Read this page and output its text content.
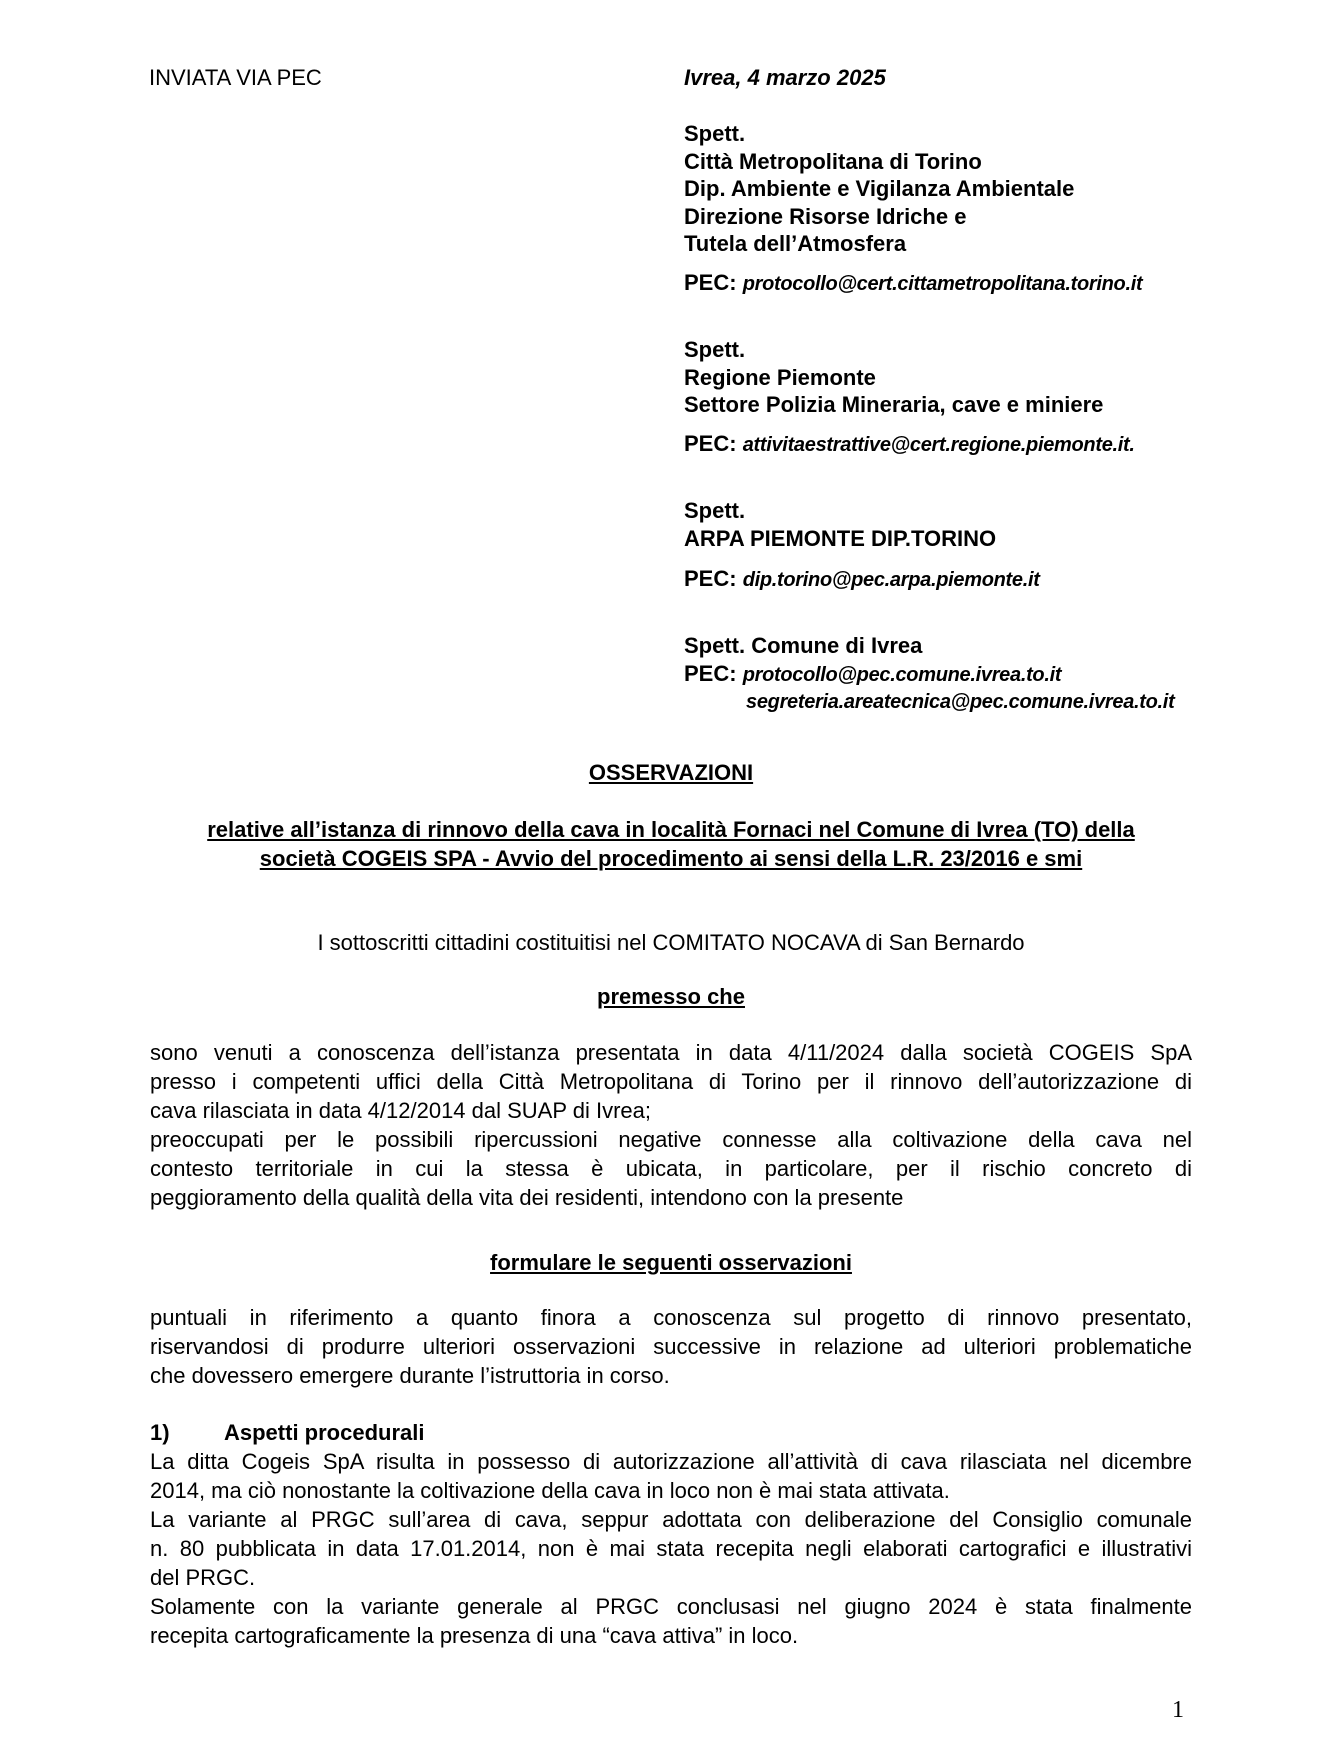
INVIATA VIA PEC	Ivrea, 4 marzo 2025
Spett.
Città Metropolitana di Torino
Dip. Ambiente e Vigilanza Ambientale
Direzione Risorse Idriche e
Tutela dell’Atmosfera
PEC: protocollo@cert.cittametropolitana.torino.it
Spett.
Regione Piemonte
Settore Polizia Mineraria, cave e miniere
PEC: attivitaestrattive@cert.regione.piemonte.it.
Spett.
ARPA PIEMONTE DIP.TORINO
PEC: dip.torino@pec.arpa.piemonte.it
Spett. Comune di Ivrea
PEC: protocollo@pec.comune.ivrea.to.it
segreteria.areatecnica@pec.comune.ivrea.to.it
OSSERVAZIONI
relative all’istanza di rinnovo della cava in località Fornaci nel Comune di Ivrea (TO) della
società COGEIS SPA - Avvio del procedimento ai sensi della L.R. 23/2016 e smi
I sottoscritti cittadini costituitisi nel COMITATO NOCAVA di San Bernardo
premesso che

sono venuti a conoscenza dell’istanza presentata in data 4/11/2024 dalla società COGEIS SpA

presso i competenti uffici della Città Metropolitana di Torino per il rinnovo dell’autorizzazione di

cava rilasciata in data 4/12/2014 dal SUAP di Ivrea;

preoccupati per le possibili ripercussioni negative connesse alla coltivazione della cava nel

contesto territoriale in cui la stessa è ubicata, in particolare, per il rischio concreto di

peggioramento della qualità della vita dei residenti, intendono con la presente

formulare le seguenti osservazioni

puntuali in riferimento a quanto finora a conoscenza sul progetto di rinnovo presentato,

riservandosi di produrre ulteriori osservazioni successive in relazione ad ulteriori problematiche

che dovessero emergere durante l’istruttoria in corso.

1) Aspetti procedurali

La ditta Cogeis SpA risulta in possesso di autorizzazione all’attività di cava rilasciata nel dicembre

2014, ma ciò nonostante la coltivazione della cava in loco non è mai stata attivata.

La variante al PRGC sull’area di cava, seppur adottata con deliberazione del Consiglio comunale

n. 80 pubblicata in data 17.01.2014, non è mai stata recepita negli elaborati cartografici e illustrativi

del PRGC.

Solamente con la variante generale al PRGC conclusasi nel giugno 2024 è stata finalmente

recepita cartograficamente la presenza di una “cava attiva” in loco.

1
